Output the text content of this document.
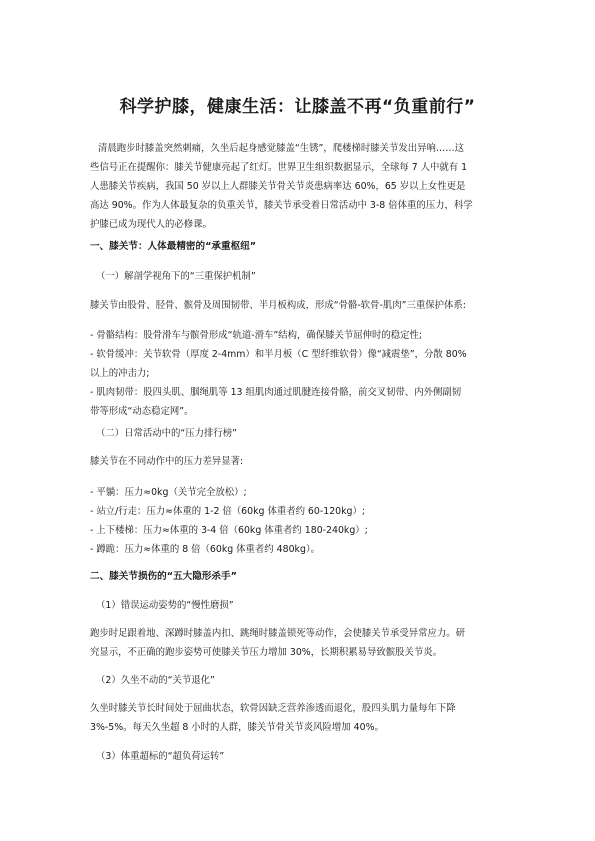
科学护膝，健康生活：让膝盖不再“负重前行”
清晨跑步时膝盖突然刺痛，久坐后起身感觉膝盖“生锈”，爬楼梯时膝关节发出异响……这
些信号正在提醒你：膝关节健康亮起了红灯。世界卫生组织数据显示，全球每 7 人中就有 1
人患膝关节疾病，我国 50 岁以上人群膝关节骨关节炎患病率达 60%，65 岁以上女性更是
高达 90%。作为人体最复杂的负重关节，膝关节承受着日常活动中 3-8 倍体重的压力，科学
护膝已成为现代人的必修课。
一、膝关节：人体最精密的“承重枢纽”
（一）解剖学视角下的“三重保护机制”
膝关节由股骨、胫骨、髌骨及周围韧带、半月板构成，形成“骨骼-软骨-肌肉”三重保护体系:
- 骨骼结构：股骨滑车与髌骨形成“轨道-滑车”结构，确保膝关节屈伸时的稳定性;
- 软骨缓冲：关节软骨（厚度 2-4mm）和半月板（C 型纤维软骨）像“减震垫”，分散 80%
以上的冲击力;
- 肌肉韧带：股四头肌、腘绳肌等 13 组肌肉通过肌腱连接骨骼，前交叉韧带、内外侧副韧
带等形成“动态稳定网”。
（二）日常活动中的“压力排行榜”
膝关节在不同动作中的压力差异显著:
- 平躺：压力≈0kg（关节完全放松）;
- 站立/行走：压力≈体重的 1-2 倍（60kg 体重者约 60-120kg）;
- 上下楼梯：压力≈体重的 3-4 倍（60kg 体重者约 180-240kg）;
- 蹲跪：压力≈体重的 8 倍（60kg 体重者约 480kg）。
二、膝关节损伤的“五大隐形杀手”
（1）错误运动姿势的“慢性磨损”
跑步时足跟着地、深蹲时膝盖内扣、跳绳时膝盖锁死等动作，会使膝关节承受异常应力。研
究显示，不正确的跑步姿势可使膝关节压力增加 30%，长期积累易导致髌股关节炎。
（2）久坐不动的“关节退化”
久坐时膝关节长时间处于屈曲状态，软骨因缺乏营养渗透而退化，股四头肌力量每年下降
3%-5%。每天久坐超 8 小时的人群，膝关节骨关节炎风险增加 40%。
（3）体重超标的“超负荷运转”
